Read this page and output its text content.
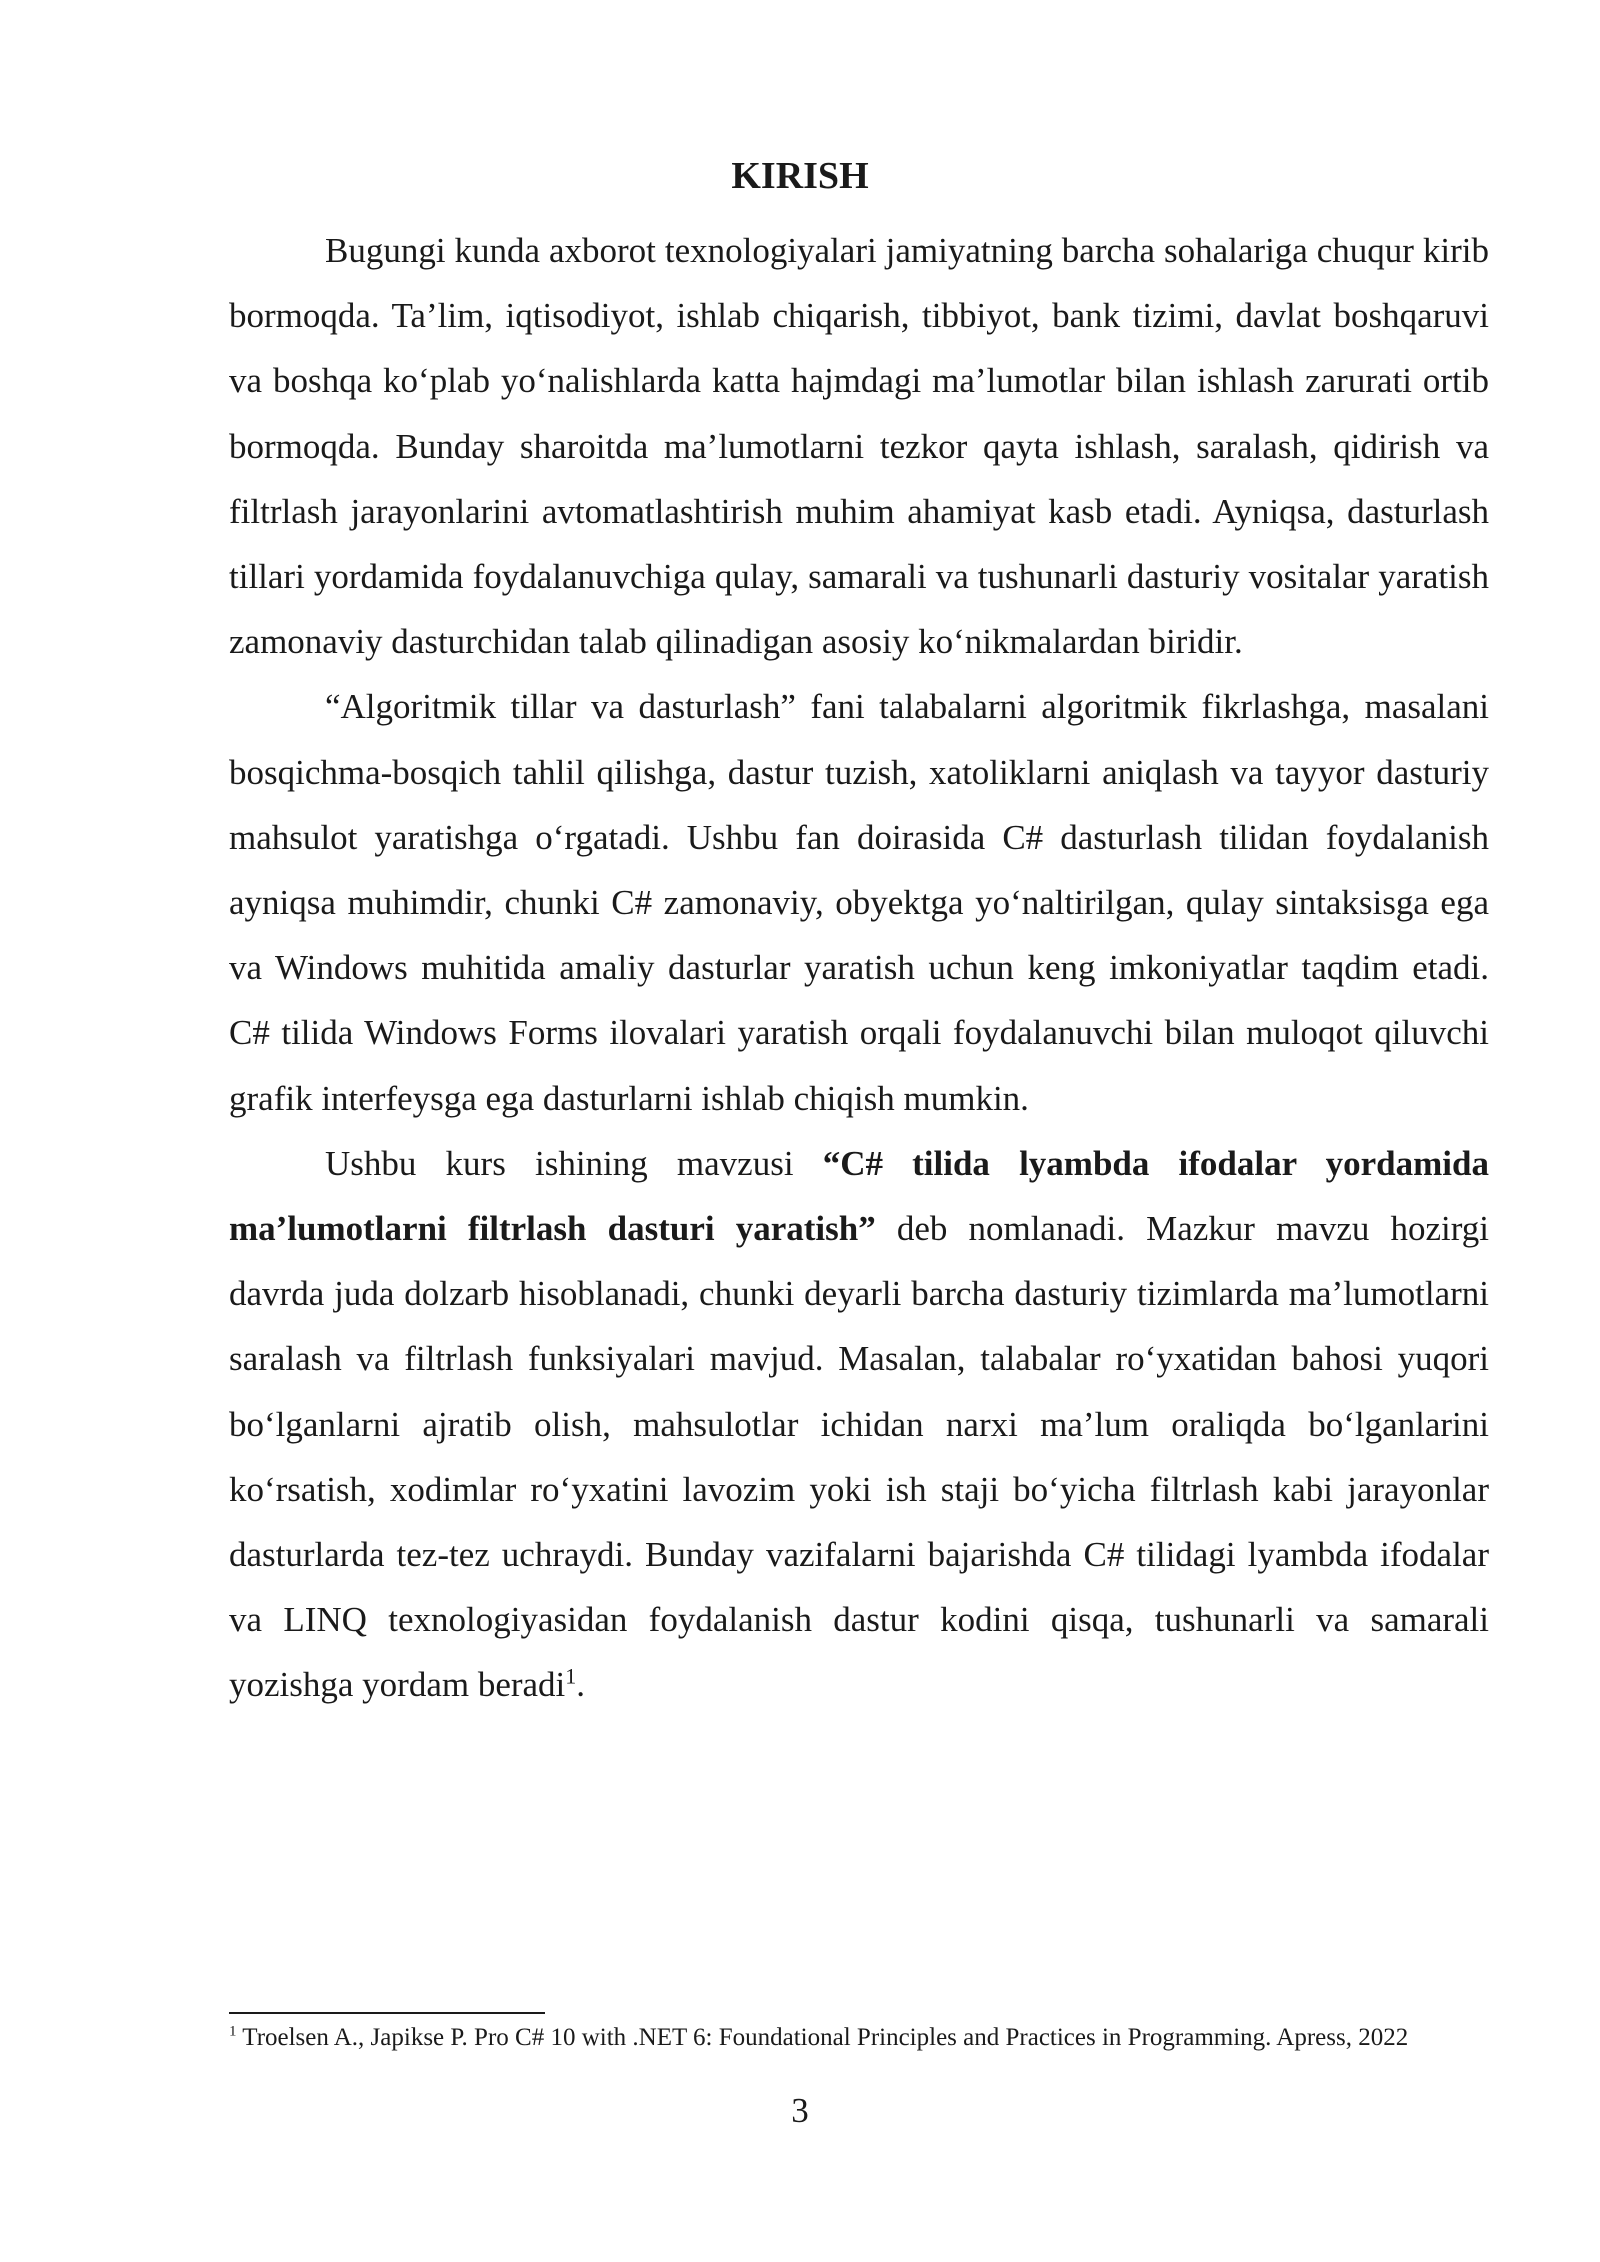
KIRISH

Bugungi kunda axborot texnologiyalari jamiyatning barcha sohalariga chuqur kirib bormoqda. Ta’lim, iqtisodiyot, ishlab chiqarish, tibbiyot, bank tizimi, davlat boshqaruvi va boshqa ko‘plab yo‘nalishlarda katta hajmdagi ma’lumotlar bilan ishlash zarurati ortib bormoqda. Bunday sharoitda ma’lumotlarni tezkor qayta ishlash, saralash, qidirish va filtrlash jarayonlarini avtomatlashtirish muhim ahamiyat kasb etadi. Ayniqsa, dasturlash tillari yordamida foydalanuvchiga qulay, samarali va tushunarli dasturiy vositalar yaratish zamonaviy dasturchidan talab qilinadigan asosiy ko‘nikmalardan biridir.

“Algoritmik tillar va dasturlash” fani talabalarni algoritmik fikrlashga, masalani bosqichma-bosqich tahlil qilishga, dastur tuzish, xatoliklarni aniqlash va tayyor dasturiy mahsulot yaratishga o‘rgatadi. Ushbu fan doirasida C# dasturlash tilidan foydalanish ayniqsa muhimdir, chunki C# zamonaviy, obyektga yo‘naltirilgan, qulay sintaksisga ega va Windows muhitida amaliy dasturlar yaratish uchun keng imkoniyatlar taqdim etadi. C# tilida Windows Forms ilovalari yaratish orqali foydalanuvchi bilan muloqot qiluvchi grafik interfeysga ega dasturlarni ishlab chiqish mumkin.

Ushbu kurs ishining mavzusi “C# tilida lyambda ifodalar yordamida ma’lumotlarni filtrlash dasturi yaratish” deb nomlanadi. Mazkur mavzu hozirgi davrda juda dolzarb hisoblanadi, chunki deyarli barcha dasturiy tizimlarda ma’lumotlarni saralash va filtrlash funksiyalari mavjud. Masalan, talabalar ro‘yxatidan bahosi yuqori bo‘lganlarni ajratib olish, mahsulotlar ichidan narxi ma’lum oraliqda bo‘lganlarini ko‘rsatish, xodimlar ro‘yxatini lavozim yoki ish staji bo‘yicha filtrlash kabi jarayonlar dasturlarda tez-tez uchraydi. Bunday vazifalarni bajarishda C# tilidagi lyambda ifodalar va LINQ texnologiyasidan foydalanish dastur kodini qisqa, tushunarli va samarali yozishga yordam beradi$^1$.

$^1$ Troelsen A., Japikse P. Pro C# 10 with .NET 6: Foundational Principles and Practices in Programming. Apress, 2022

3
